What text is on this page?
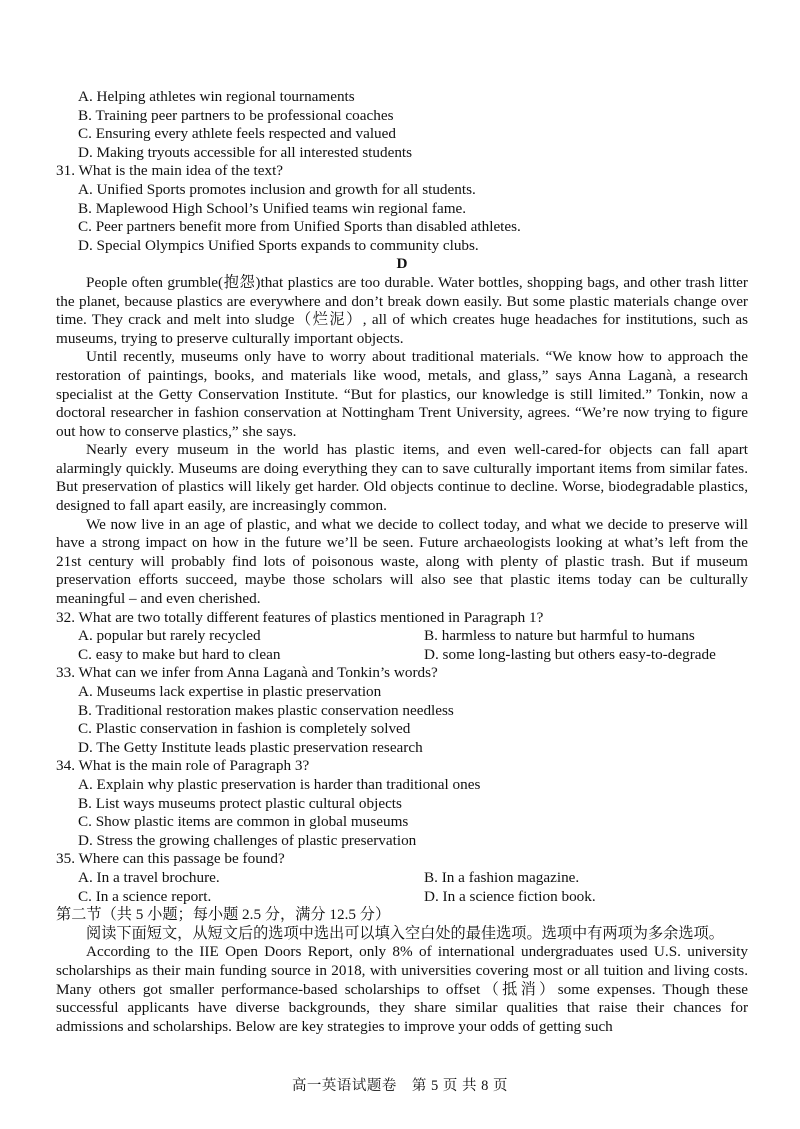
A. Helping athletes win regional tournaments
B. Training peer partners to be professional coaches
C. Ensuring every athlete feels respected and valued
D. Making tryouts accessible for all interested students
31. What is the main idea of the text?
A. Unified Sports promotes inclusion and growth for all students.
B. Maplewood High School’s Unified teams win regional fame.
C. Peer partners benefit more from Unified Sports than disabled athletes.
D. Special Olympics Unified Sports expands to community clubs.
D

People often grumble(抱怨)that plastics are too durable. Water bottles, shopping bags, and other trash litter the planet, because plastics are everywhere and don’t break down easily. But some plastic materials change over time. They crack and melt into sludge（烂泥）, all of which creates huge headaches for institutions, such as museums, trying to preserve culturally important objects.

Until recently, museums only have to worry about traditional materials. “We know how to approach the restoration of paintings, books, and materials like wood, metals, and glass,” says Anna Laganà, a research specialist at the Getty Conservation Institute. “But for plastics, our knowledge is still limited.” Tonkin, now a doctoral researcher in fashion conservation at Nottingham Trent University, agrees. “We’re now trying to figure out how to conserve plastics,” she says.

Nearly every museum in the world has plastic items, and even well-cared-for objects can fall apart alarmingly quickly. Museums are doing everything they can to save culturally important items from similar fates. But preservation of plastics will likely get harder. Old objects continue to decline. Worse, biodegradable plastics, designed to fall apart easily, are increasingly common.

We now live in an age of plastic, and what we decide to collect today, and what we decide to preserve will have a strong impact on how in the future we’ll be seen. Future archaeologists looking at what’s left from the 21st century will probably find lots of poisonous waste, along with plenty of plastic trash. But if museum preservation efforts succeed, maybe those scholars will also see that plastic items today can be culturally meaningful – and even cherished.

32. What are two totally different features of plastics mentioned in Paragraph 1?
A. popular but rarely recycled	B. harmless to nature but harmful to humans
C. easy to make but hard to clean	D. some long-lasting but others easy-to-degrade
33. What can we infer from Anna Laganà and Tonkin’s words?
A. Museums lack expertise in plastic preservation
B. Traditional restoration makes plastic conservation needless
C. Plastic conservation in fashion is completely solved
D. The Getty Institute leads plastic preservation research
34. What is the main role of Paragraph 3?
A. Explain why plastic preservation is harder than traditional ones
B. List ways museums protect plastic cultural objects
C. Show plastic items are common in global museums
D. Stress the growing challenges of plastic preservation
35. Where can this passage be found?
A. In a travel brochure.	B. In a fashion magazine.
C. In a science report.	D. In a science fiction book.
第二节（共 5 小题；每小题 2.5 分，满分 12.5 分）

阅读下面短文，从短文后的选项中选出可以填入空白处的最佳选项。选项中有两项为多余选项。

According to the IIE Open Doors Report, only 8% of international undergraduates used U.S. university scholarships as their main funding source in 2018, with universities covering most or all tuition and living costs. Many others got smaller performance-based scholarships to offset（抵消）some expenses. Though these successful applicants have diverse backgrounds, they share similar qualities that raise their chances for admissions and scholarships. Below are key strategies to improve your odds of getting such

高一英语试题卷　第 5 页 共 8 页
